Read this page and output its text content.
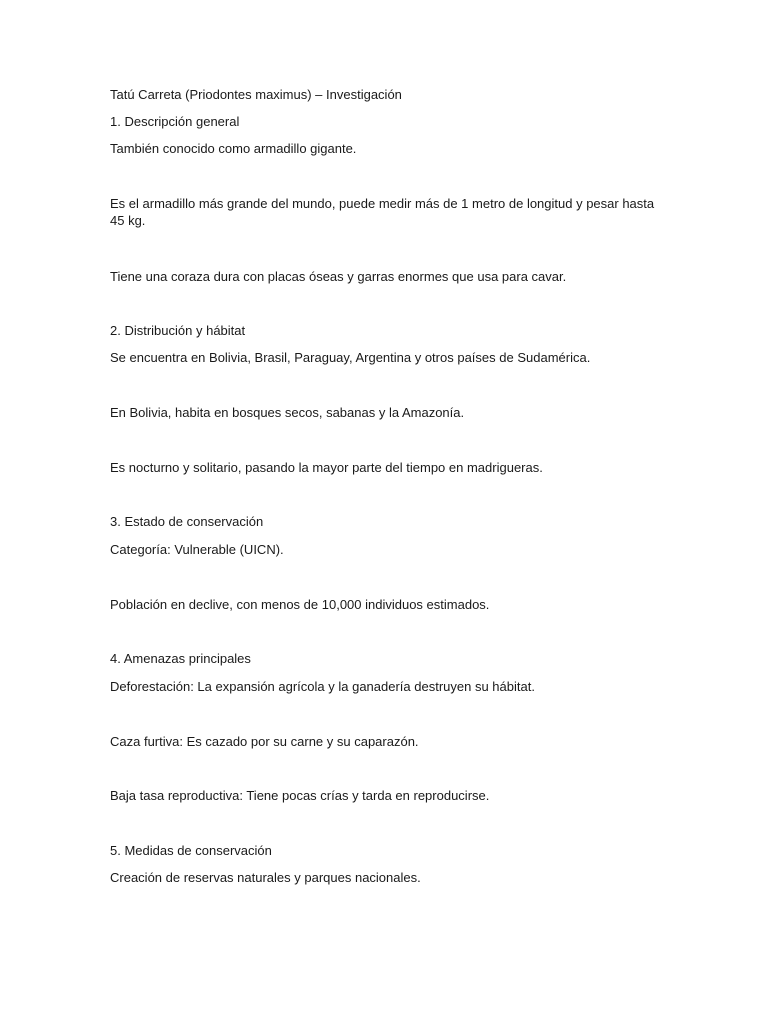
Tatú Carreta (Priodontes maximus) – Investigación
1. Descripción general
También conocido como armadillo gigante.
Es el armadillo más grande del mundo, puede medir más de 1 metro de longitud y pesar hasta 45 kg.
Tiene una coraza dura con placas óseas y garras enormes que usa para cavar.
2. Distribución y hábitat
Se encuentra en Bolivia, Brasil, Paraguay, Argentina y otros países de Sudamérica.
En Bolivia, habita en bosques secos, sabanas y la Amazonía.
Es nocturno y solitario, pasando la mayor parte del tiempo en madrigueras.
3. Estado de conservación
Categoría: Vulnerable (UICN).
Población en declive, con menos de 10,000 individuos estimados.
4. Amenazas principales
Deforestación: La expansión agrícola y la ganadería destruyen su hábitat.
Caza furtiva: Es cazado por su carne y su caparazón.
Baja tasa reproductiva: Tiene pocas crías y tarda en reproducirse.
5. Medidas de conservación
Creación de reservas naturales y parques nacionales.
